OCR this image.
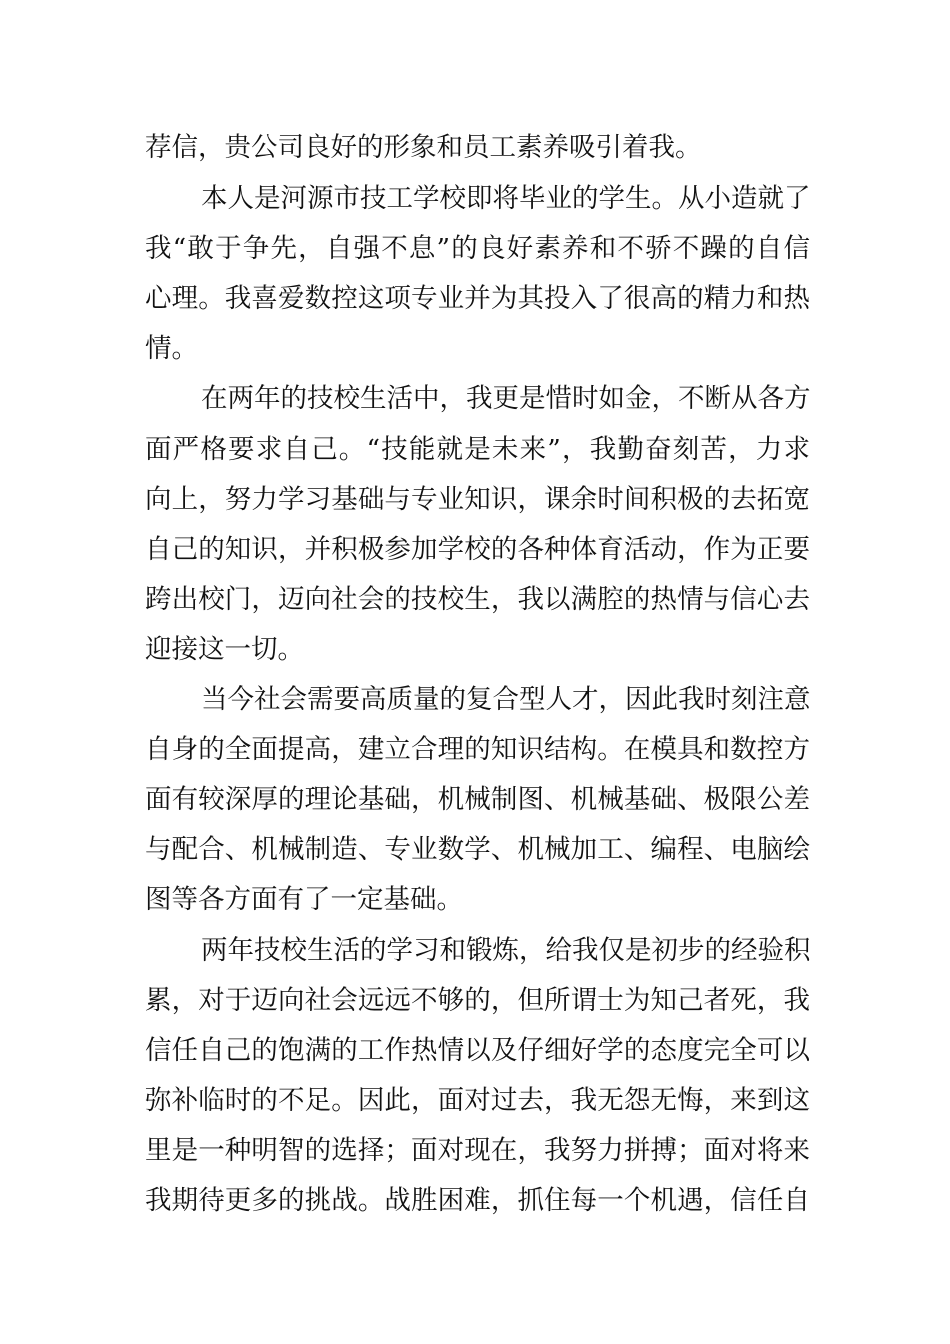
荐信，贵公司良好的形象和员工素养吸引着我。
本人是河源市技工学校即将毕业的学生。从小造就了
我“敢于争先，自强不息”的良好素养和不骄不躁的自信
心理。我喜爱数控这项专业并为其投入了很高的精力和热
情。
在两年的技校生活中，我更是惜时如金，不断从各方
面严格要求自己。“技能就是未来”，我勤奋刻苦，力求
向上，努力学习基础与专业知识，课余时间积极的去拓宽
自己的知识，并积极参加学校的各种体育活动，作为正要
跨出校门，迈向社会的技校生，我以满腔的热情与信心去
迎接这一切。
当今社会需要高质量的复合型人才，因此我时刻注意
自身的全面提高，建立合理的知识结构。在模具和数控方
面有较深厚的理论基础，机械制图、机械基础、极限公差
与配合、机械制造、专业数学、机械加工、编程、电脑绘
图等各方面有了一定基础。
两年技校生活的学习和锻炼，给我仅是初步的经验积
累，对于迈向社会远远不够的，但所谓士为知己者死，我
信任自己的饱满的工作热情以及仔细好学的态度完全可以
弥补临时的不足。因此，面对过去，我无怨无悔，来到这
里是一种明智的选择；面对现在，我努力拼搏；面对将来
我期待更多的挑战。战胜困难，抓住每一个机遇，信任自
